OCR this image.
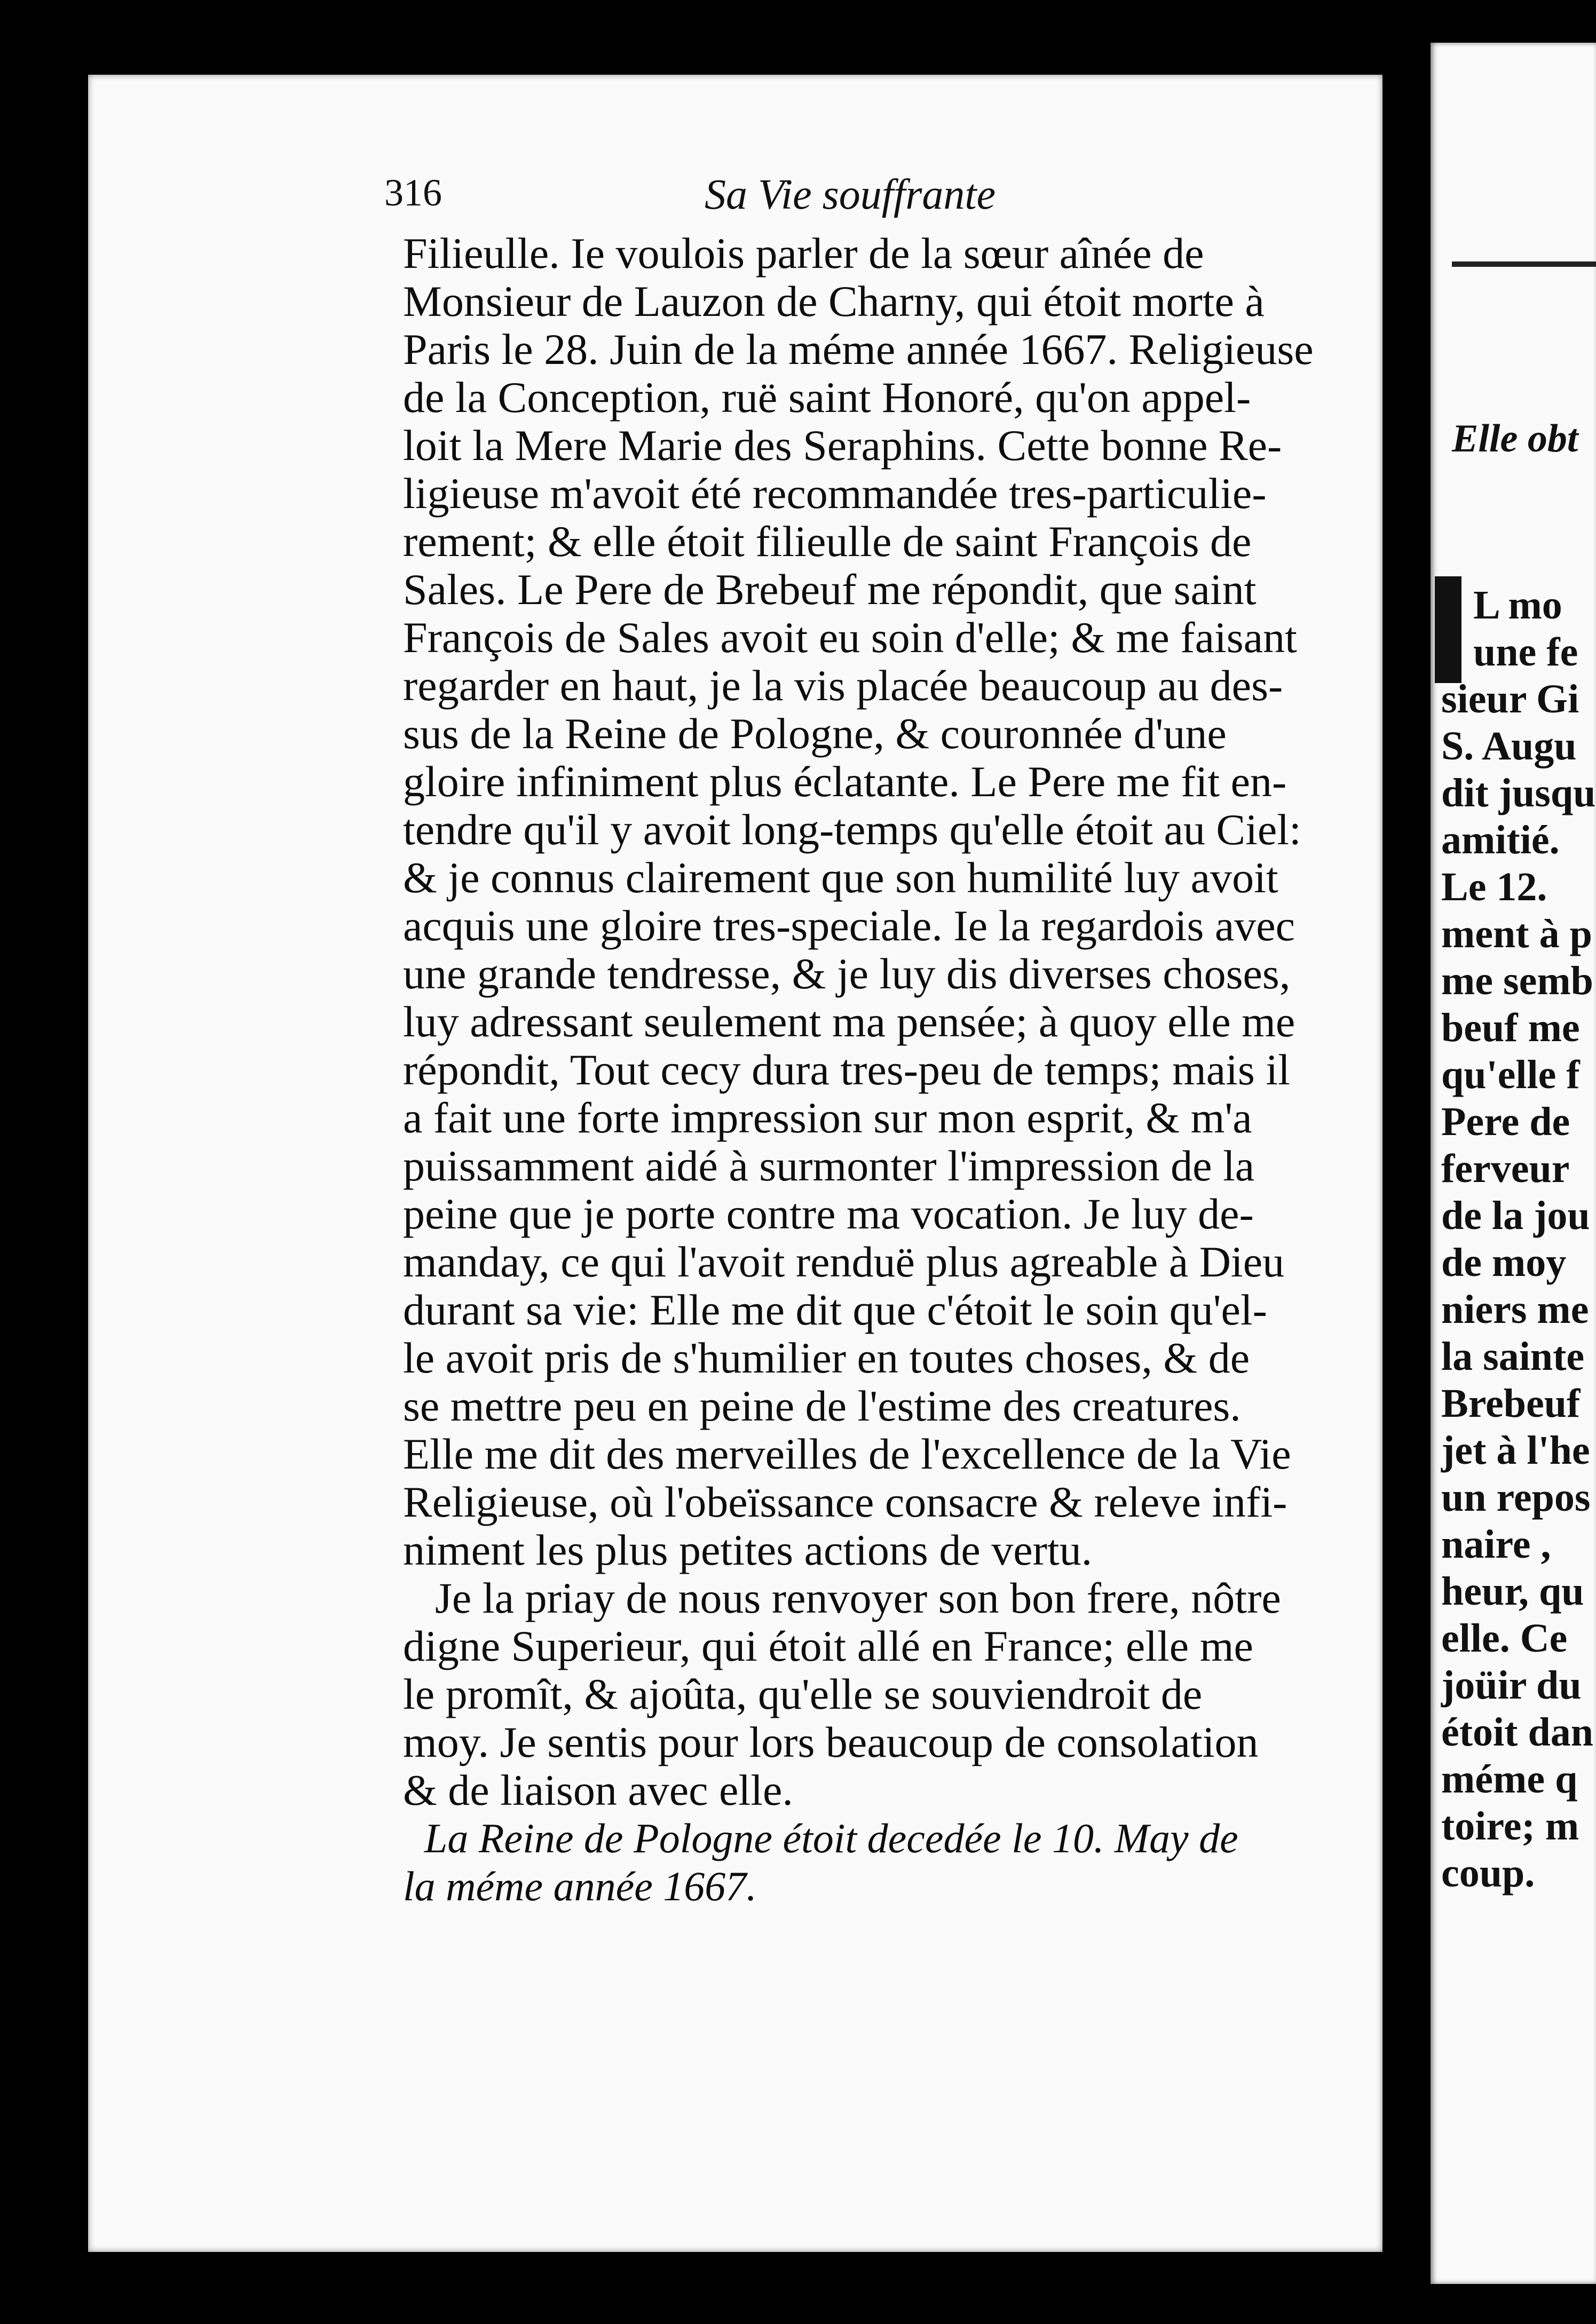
316	Sa Vie souffrante
Filieulle. Ie voulois parler de la sœur aînée de
Monsieur de Lauzon de Charny, qui étoit morte à
Paris le 28. Juin de la méme année 1667. Religieuse
de la Conception, ruë saint Honoré, qu'on appel-
loit la Mere Marie des Seraphins. Cette bonne Re-
ligieuse m'avoit été recommandée tres-particulie-
rement; & elle étoit filieulle de saint François de
Sales. Le Pere de Brebeuf me répondit, que saint
François de Sales avoit eu soin d'elle; & me faisant
regarder en haut, je la vis placée beaucoup au des-
sus de la Reine de Pologne, & couronnée d'une
gloire infiniment plus éclatante. Le Pere me fit en-
tendre qu'il y avoit long-temps qu'elle étoit au Ciel:
& je connus clairement que son humilité luy avoit
acquis une gloire tres-speciale. Ie la regardois avec
une grande tendresse, & je luy dis diverses choses,
luy adressant seulement ma pensée; à quoy elle me
répondit, Tout cecy dura tres-peu de temps; mais il
a fait une forte impression sur mon esprit, & m'a
puissamment aidé à surmonter l'impression de la
peine que je porte contre ma vocation. Je luy de-
manday, ce qui l'avoit renduë plus agreable à Dieu
durant sa vie: Elle me dit que c'étoit le soin qu'el-
le avoit pris de s'humilier en toutes choses, & de
se mettre peu en peine de l'estime des creatures.
Elle me dit des merveilles de l'excellence de la Vie
Religieuse, où l'obeïssance consacre & releve infi-
niment les plus petites actions de vertu.
Je la priay de nous renvoyer son bon frere, nôtre
digne Superieur, qui étoit allé en France; elle me
le promît, & ajoûta, qu'elle se souviendroit de
moy. Je sentis pour lors beaucoup de consolation
& de liaison avec elle.
La Reine de Pologne étoit decedée le 10. May de
la méme année 1667.
Elle obt
L mo
une fe
sieur Gi
S. Augu
dit jusqu
amitié.
Le 12.
ment à p
me semb
beuf me
qu'elle f
Pere de
ferveur
de la jou
de moy
niers me
la sainte
Brebeuf
jet à l'he
un repos
naire ,
heur, qu
elle. Ce
joüir du
étoit dan
méme q
toire; m
coup.
